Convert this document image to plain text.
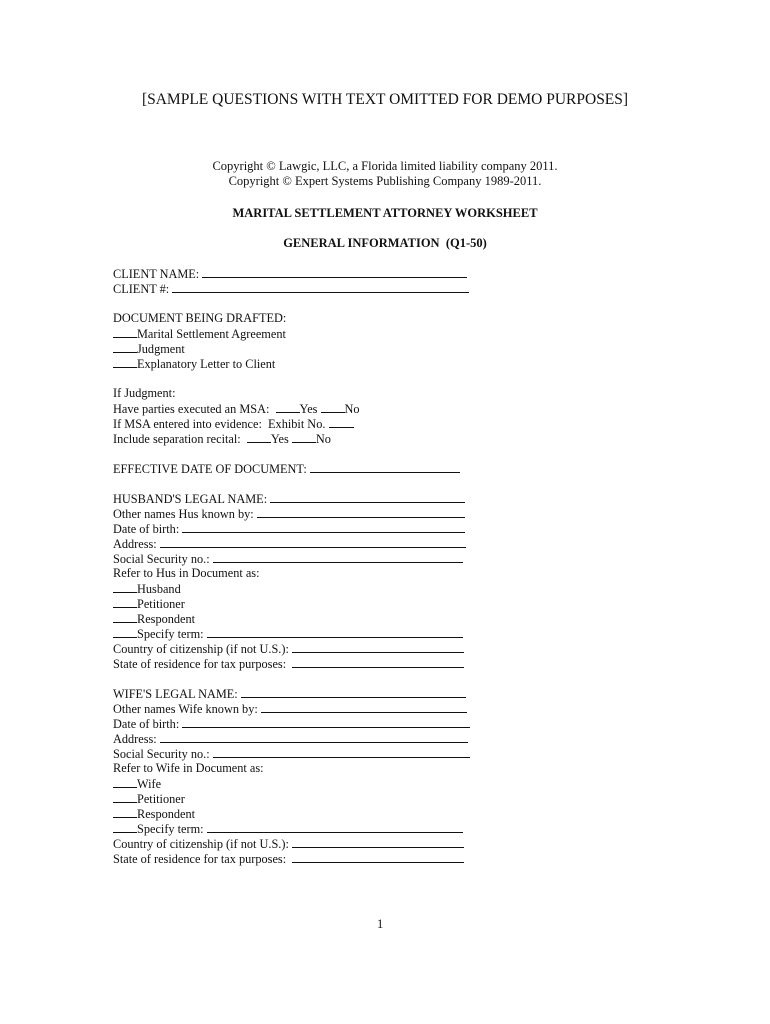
[SAMPLE QUESTIONS WITH TEXT OMITTED FOR DEMO PURPOSES]
Copyright © Lawgic, LLC, a Florida limited liability company 2011.
Copyright © Expert Systems Publishing Company 1989-2011.
MARITAL SETTLEMENT ATTORNEY WORKSHEET
GENERAL INFORMATION  (Q1-50)
CLIENT NAME:
CLIENT #:
DOCUMENT BEING DRAFTED:
Marital Settlement Agreement
Judgment
Explanatory Letter to Client
If Judgment:
Have parties executed an MSA: Yes No
If MSA entered into evidence:  Exhibit No.
Include separation recital: Yes No
EFFECTIVE DATE OF DOCUMENT:
HUSBAND'S LEGAL NAME:
Other names Hus known by:
Date of birth:
Address:
Social Security no.:
Refer to Hus in Document as:
Husband
Petitioner
Respondent
Specify term:
Country of citizenship (if not U.S.):
State of residence for tax purposes:
WIFE'S LEGAL NAME:
Other names Wife known by:
Date of birth:
Address:
Social Security no.:
Refer to Wife in Document as:
Wife
Petitioner
Respondent
Specify term:
Country of citizenship (if not U.S.):
State of residence for tax purposes:
1
